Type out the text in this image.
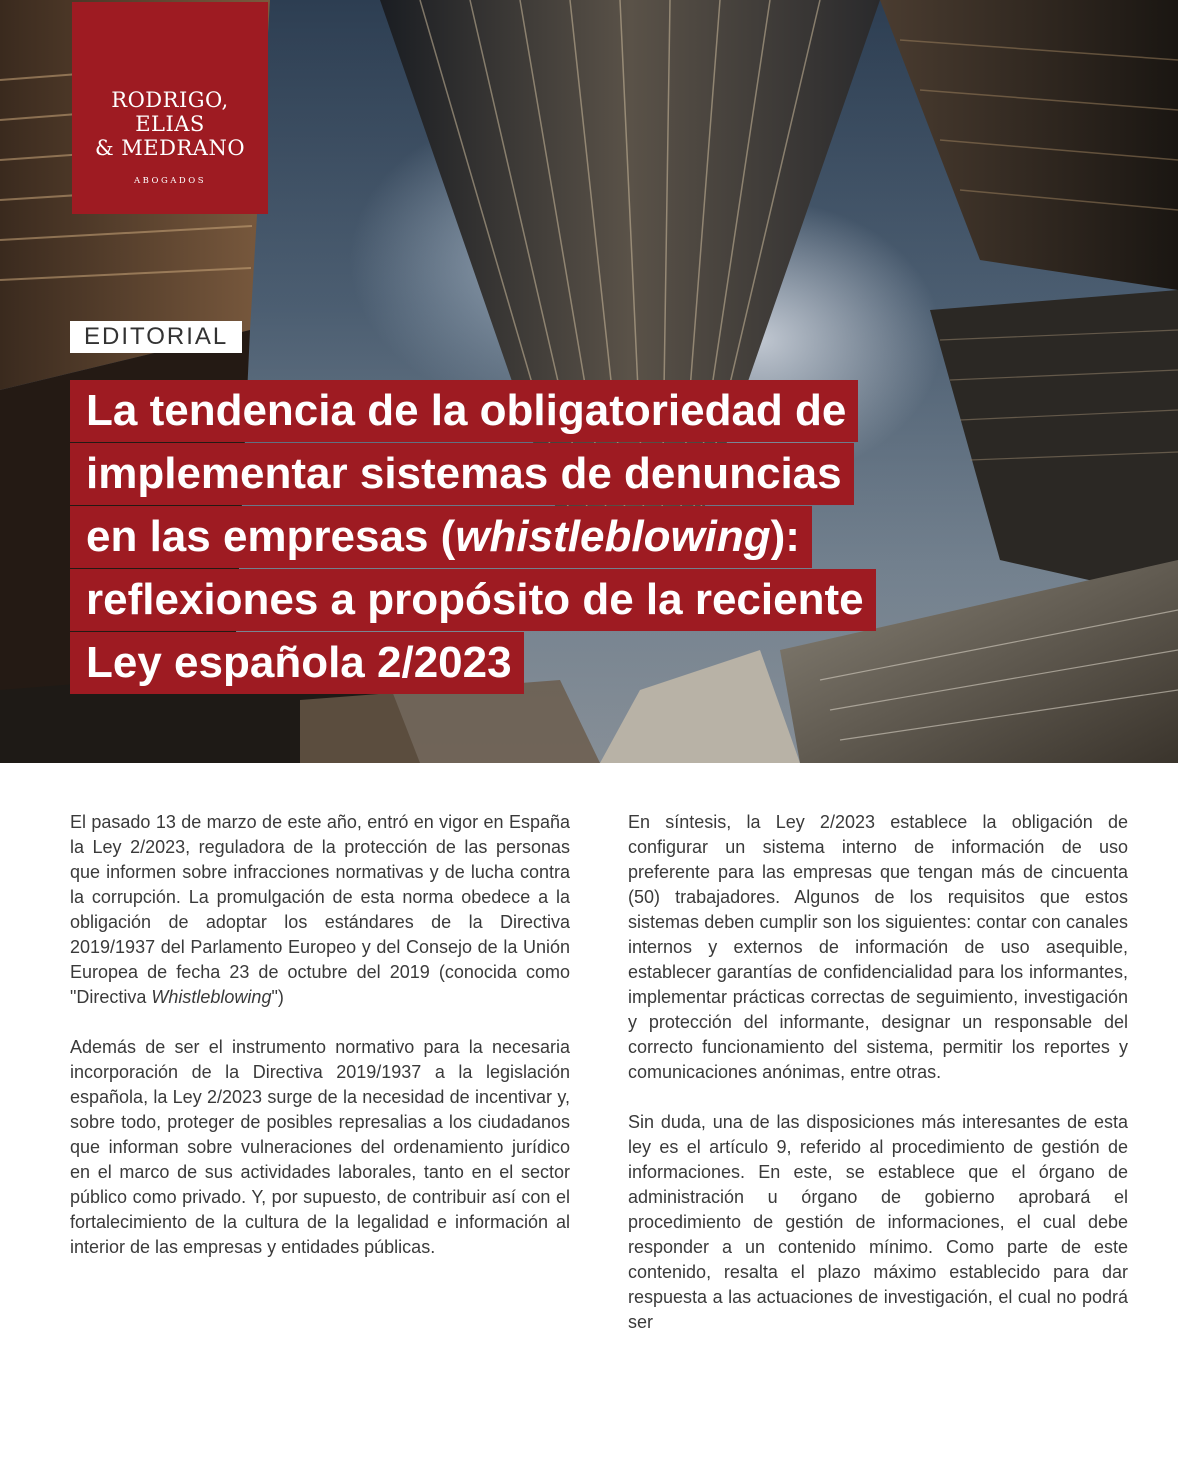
RODRIGO,
ELIAS
& MEDRANO
ABOGADOS
EDITORIAL
La tendencia de la obligatoriedad de
implementar sistemas de denuncias
en las empresas (whistleblowing):
reflexiones a propósito de la reciente
Ley española 2/2023

El pasado 13 de marzo de este año, entró en vigor en España la Ley 2/2023, reguladora de la protección de las personas que informen sobre infracciones normativas y de lucha contra la corrupción. La promulgación de esta norma obedece a la obligación de adoptar los estándares de la Directiva 2019/1937 del Parlamento Europeo y del Consejo de la Unión Europea de fecha 23 de octubre del 2019 (conocida como "Directiva Whistleblowing")

Además de ser el instrumento normativo para la necesaria incorporación de la Directiva 2019/1937 a la legislación española, la Ley 2/2023 surge de la necesidad de incentivar y, sobre todo, proteger de posibles represalias a los ciudadanos que informan sobre vulneraciones del ordenamiento jurídico en el marco de sus actividades laborales, tanto en el sector público como privado. Y, por supuesto, de contribuir así con el fortalecimiento de la cultura de la legalidad e información al interior de las empresas y entidades públicas.

En síntesis, la Ley 2/2023 establece la obligación de configurar un sistema interno de información de uso preferente para las empresas que tengan más de cincuenta (50) trabajadores. Algunos de los requisitos que estos sistemas deben cumplir son los siguientes: contar con canales internos y externos de información de uso asequible, establecer garantías de confidencialidad para los informantes, implementar prácticas correctas de seguimiento, investigación y protección del informante, designar un responsable del correcto funcionamiento del sistema, permitir los reportes y comunicaciones anónimas, entre otras.

Sin duda, una de las disposiciones más interesantes de esta ley es el artículo 9, referido al procedimiento de gestión de informaciones. En este, se establece que el órgano de administración u órgano de gobierno aprobará el procedimiento de gestión de informaciones, el cual debe responder a un contenido mínimo. Como parte de este contenido, resalta el plazo máximo establecido para dar respuesta a las actuaciones de investigación, el cual no podrá ser
